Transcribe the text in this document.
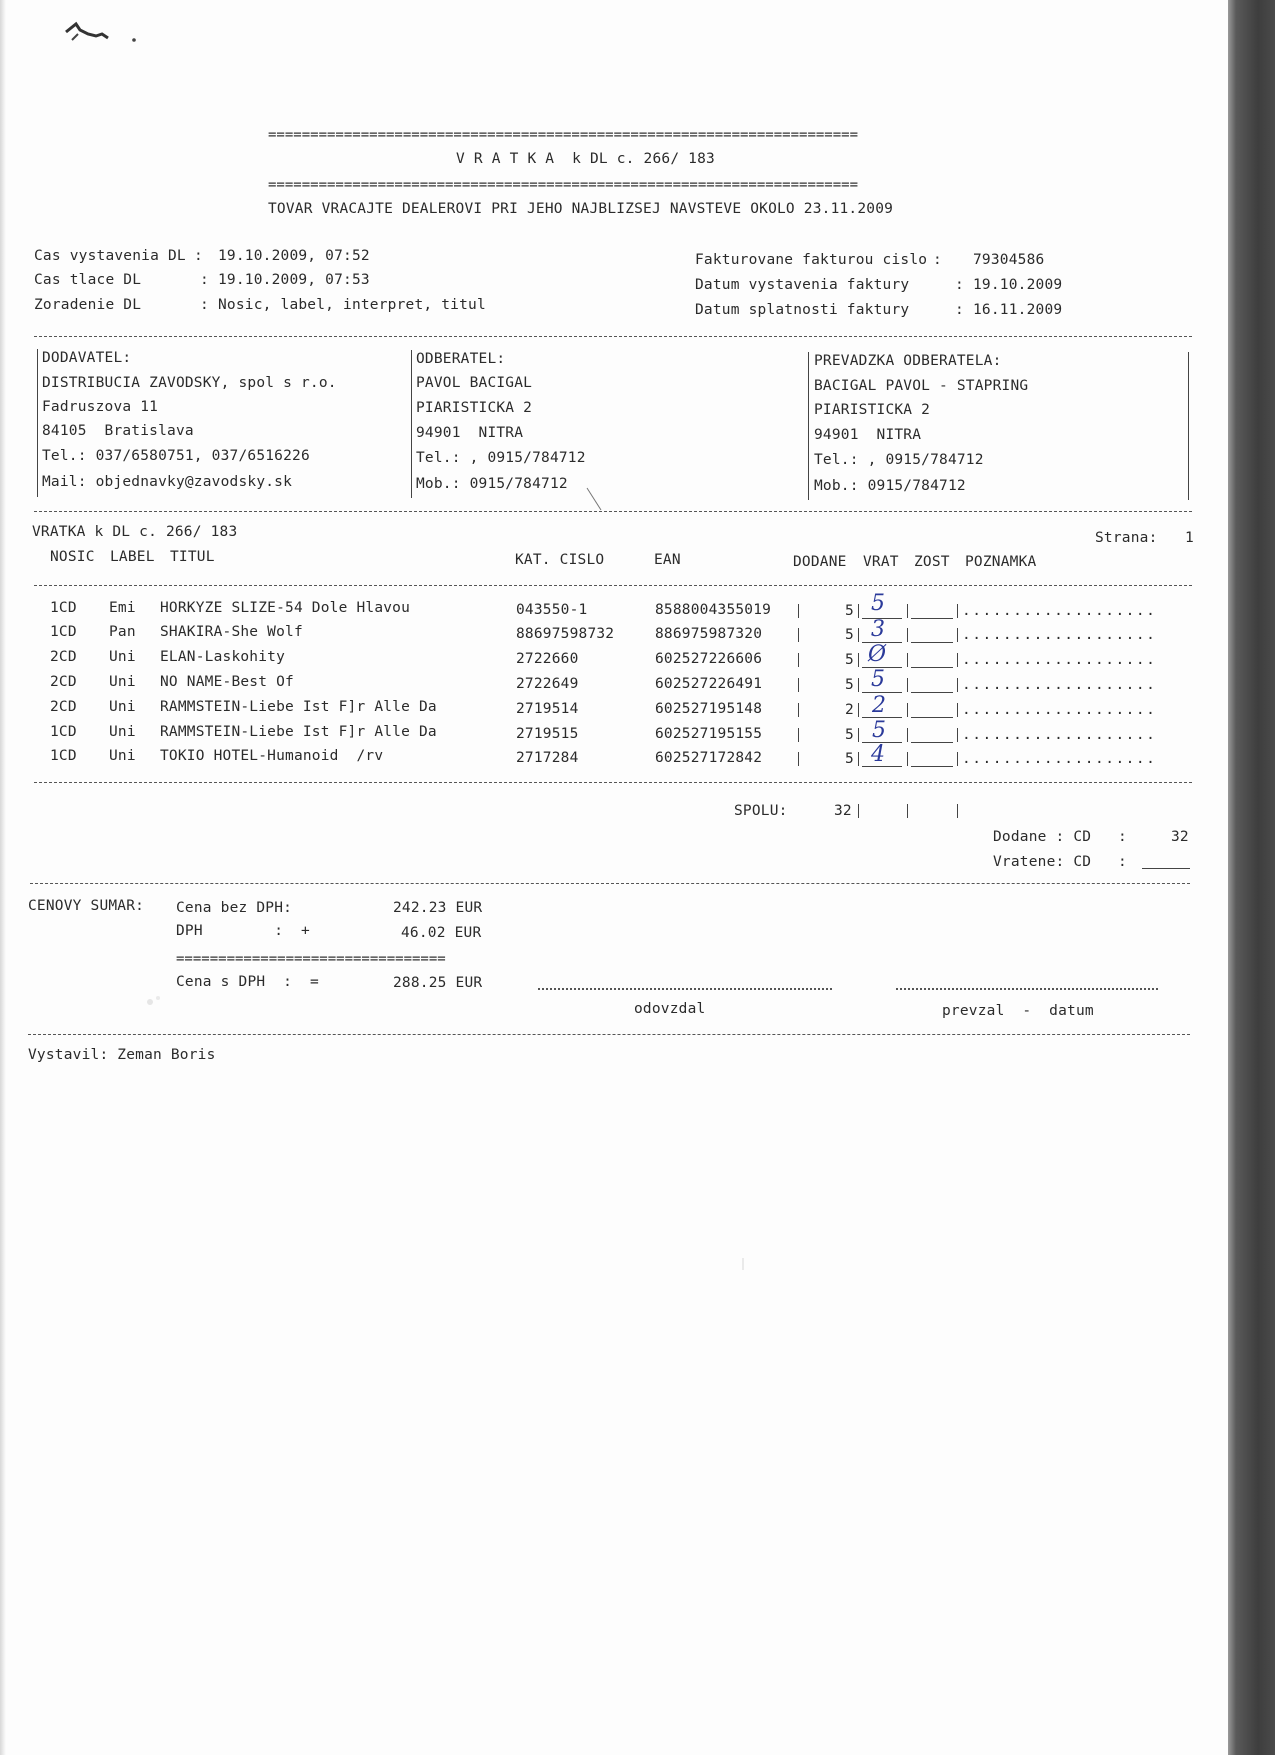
======================================================================
V R A T K A  k DL c. 266/ 183
======================================================================
TOVAR VRACAJTE DEALEROVI PRI JEHO NAJBLIZSEJ NAVSTEVE OKOLO 23.11.2009
Cas vystavenia DL : 19.10.2009, 07:52
Cas tlace DL	: 19.10.2009, 07:53
Zoradenie DL	: Nosic, label, interpret, titul
Fakturovane fakturou cislo : 79304586
Datum vystavenia faktury	: 19.10.2009
Datum splatnosti faktury	: 16.11.2009
DODAVATEL:
DISTRIBUCIA ZAVODSKY, spol s r.o.
Fadruszova 11
84105  Bratislava
Tel.: 037/6580751, 037/6516226
Mail: objednavky@zavodsky.sk
ODBERATEL:
PAVOL BACIGAL
PIARISTICKA 2
94901  NITRA
Tel.: , 0915/784712
Mob.: 0915/784712
PREVADZKA ODBERATELA:
BACIGAL PAVOL - STAPRING
PIARISTICKA 2
94901  NITRA
Tel.: , 0915/784712
Mob.: 0915/784712
VRATKA k DL c. 266/ 183	Strana: 1
NOSIC LABEL TITUL	KAT. CISLO	EAN	DODANE VRAT ZOST POZNAMKA
1CD Emi HORKYZE SLIZE-54 Dole Hlavou	043550-1	8588004355019	5 5	...................
1CD Pan SHAKIRA-She Wolf	88697598732	886975987320	5 3	...................
2CD Uni ELAN-Laskohity	2722660	602527226606	5 Ø	...................
2CD Uni NO NAME-Best Of	2722649	602527226491	5 5	...................
2CD Uni RAMMSTEIN-Liebe Ist F]r Alle Da	2719514	602527195148	2 2	...................
1CD Uni RAMMSTEIN-Liebe Ist F]r Alle Da	2719515	602527195155	5 5	...................
1CD Uni TOKIO HOTEL-Humanoid  /rv	2717284	602527172842	5 4	...................
SPOLU:	32
Dodane : CD   :	32
Vratene: CD   :
CENOVY SUMAR: Cena bez DPH:	242.23 EUR
DPH        :  +	46.02 EUR
================================
Cena s DPH  :  =	288.25 EUR
odovzdal	prevzal  -  datum
Vystavil: Zeman Boris
